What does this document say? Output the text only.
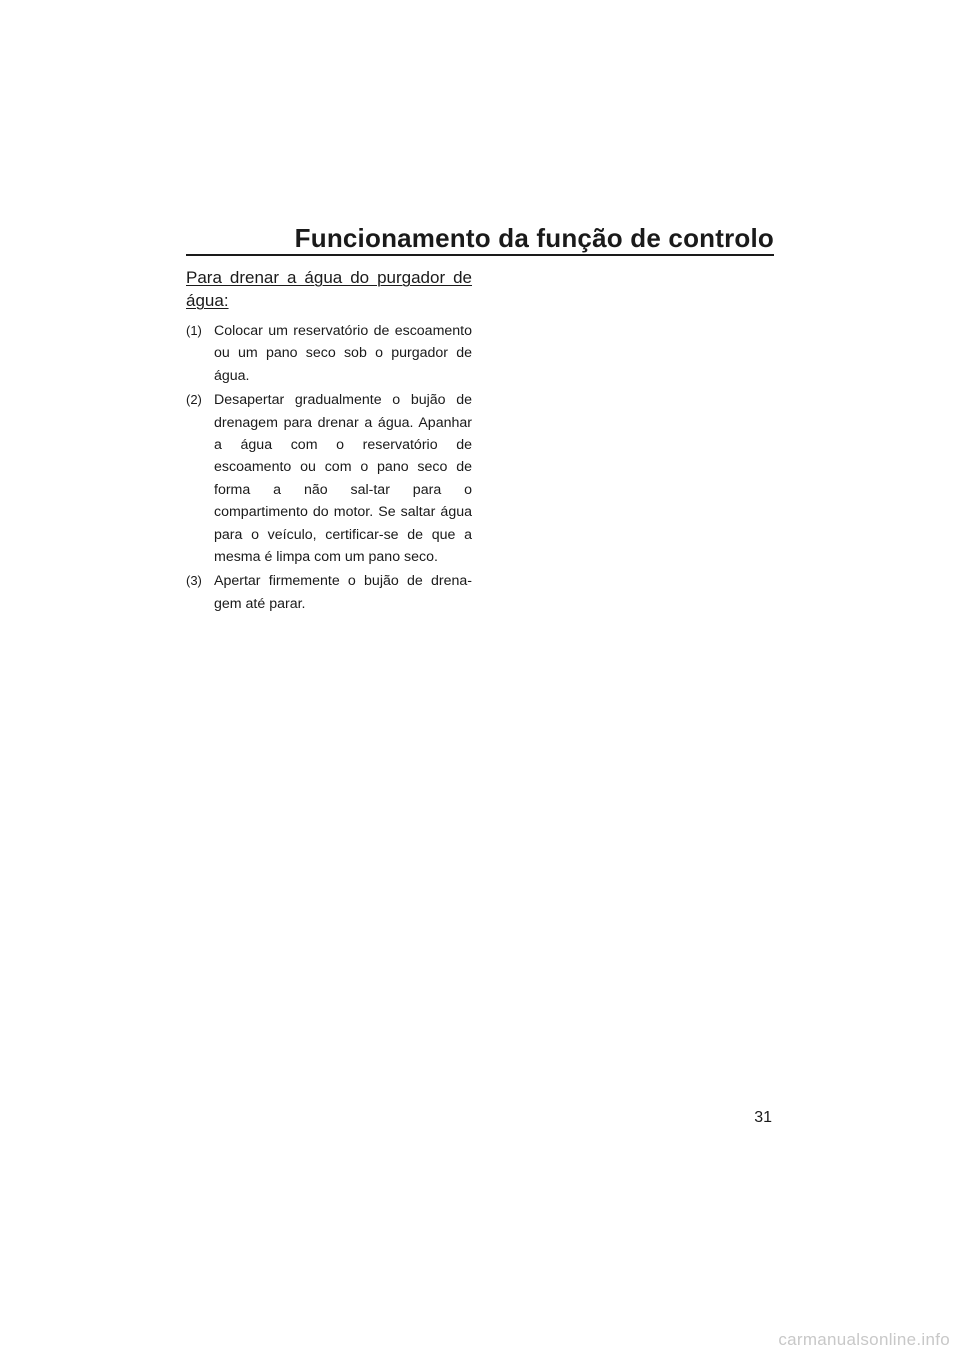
Funcionamento da função de controlo
Para drenar a água do purgador de água:
(1) Colocar um reservatório de escoamento ou um pano seco sob o purgador de água.
(2) Desapertar gradualmente o bujão de drenagem para drenar a água. Apanhar a água com o reservatório de escoamento ou com o pano seco de forma a não sal-tar para o compartimento do motor. Se saltar água para o veículo, certificar-se de que a mesma é limpa com um pano seco.
(3) Apertar firmemente o bujão de drena-gem até parar.
31
carmanualsonline.info
